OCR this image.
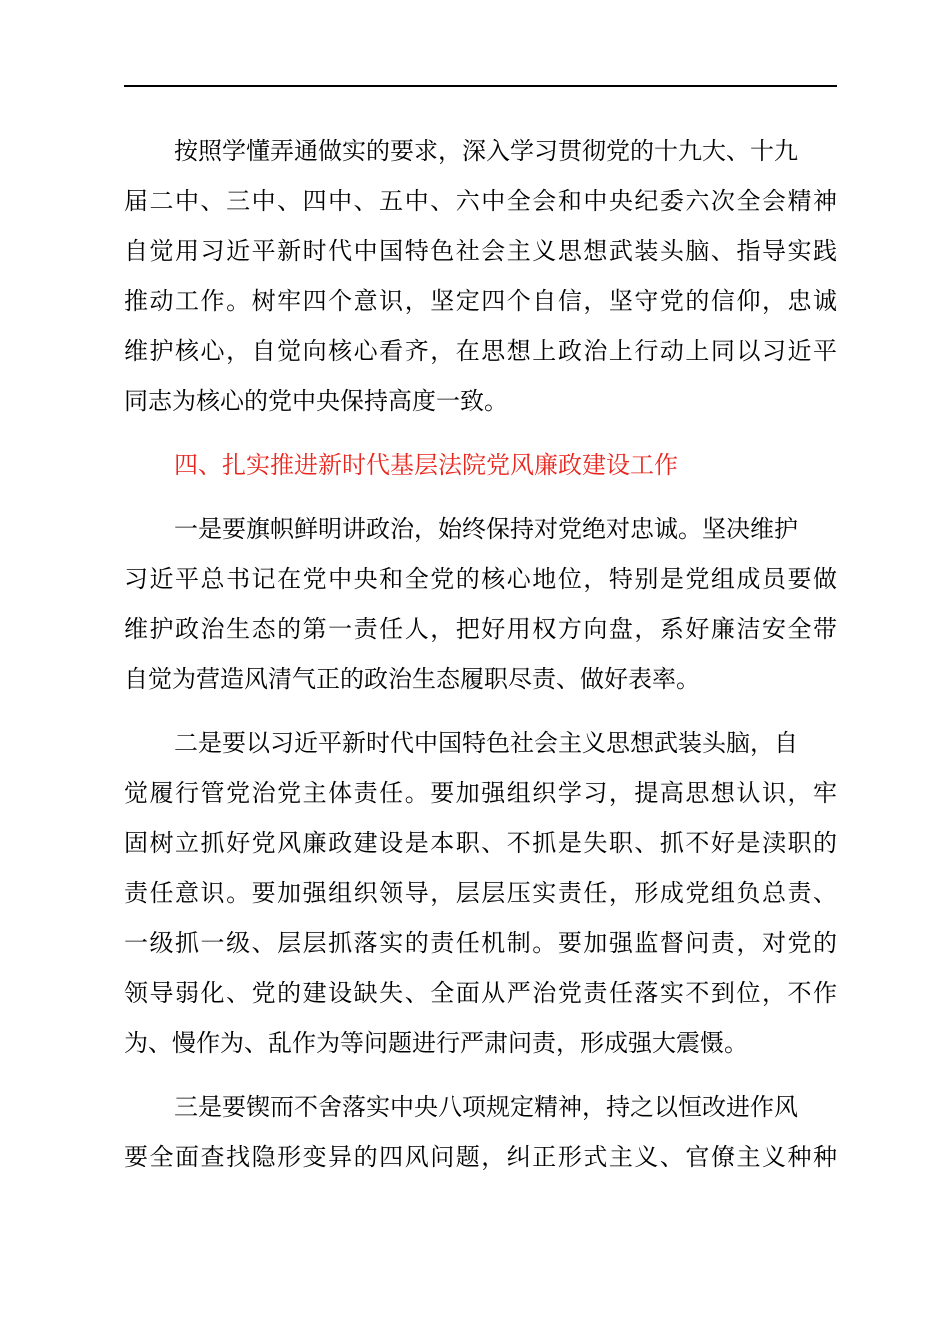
按照学懂弄通做实的要求，深入学习贯彻党的十九大、十九
届二中、三中、四中、五中、六中全会和中央纪委六次全会精神
自觉用习近平新时代中国特色社会主义思想武装头脑、指导实践
推动工作。树牢四个意识，坚定四个自信，坚守党的信仰，忠诚
维护核心，自觉向核心看齐，在思想上政治上行动上同以习近平
同志为核心的党中央保持高度一致。
四、扎实推进新时代基层法院党风廉政建设工作
一是要旗帜鲜明讲政治，始终保持对党绝对忠诚。坚决维护
习近平总书记在党中央和全党的核心地位，特别是党组成员要做
维护政治生态的第一责任人，把好用权方向盘，系好廉洁安全带
自觉为营造风清气正的政治生态履职尽责、做好表率。
二是要以习近平新时代中国特色社会主义思想武装头脑，自
觉履行管党治党主体责任。要加强组织学习，提高思想认识，牢
固树立抓好党风廉政建设是本职、不抓是失职、抓不好是渎职的
责任意识。要加强组织领导，层层压实责任，形成党组负总责、
一级抓一级、层层抓落实的责任机制。要加强监督问责，对党的
领导弱化、党的建设缺失、全面从严治党责任落实不到位，不作
为、慢作为、乱作为等问题进行严肃问责，形成强大震慑。
三是要锲而不舍落实中央八项规定精神，持之以恒改进作风
要全面查找隐形变异的四风问题，纠正形式主义、官僚主义种种
